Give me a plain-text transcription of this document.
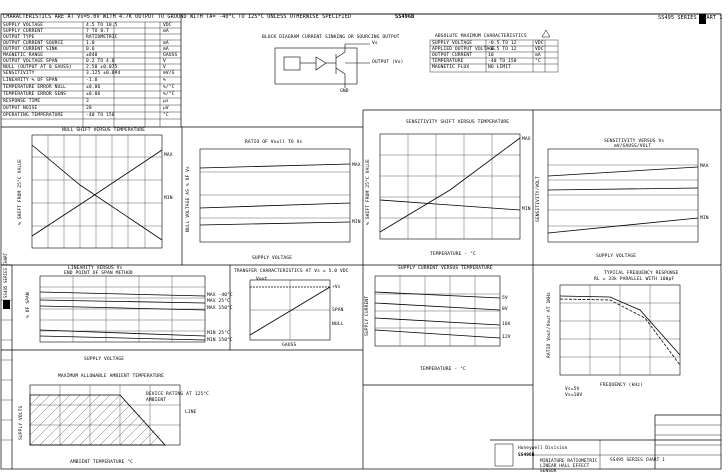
CHARACTERISTICS ARE AT Vs=5.0V WITH 4.7K OUTPUT TO GROUND WITH TA= -40°C TO 125°C UNLESS OTHERWISE SPECIFIED	SS496B	SS495 SERIES CHART 1
SUPPLY VOLTAGE	4.5 TO 10.5	VDC
SUPPLY CURRENT	7 TO 8.7	mA
OUTPUT TYPE	RATIOMETRIC
OUTPUT CURRENT SOURCE	1.0	mA
OUTPUT CURRENT SINK	0.6	mA
MAGNETIC RANGE	±840	GAUSS
OUTPUT VOLTAGE SPAN	0.2 TO 4.8	V
NULL (OUTPUT AT 0 GAUSS)	2.50 ±0.075	V
SENSITIVITY	3.125 ±0.094	mV/G
LINEARITY % OF SPAN	-1.0	%
TEMPERATURE ERROR NULL	±0.06	%/°C
TEMPERATURE ERROR SENS	±0.06	%/°C
RESPONSE TIME	3	µs
OUTPUT NOISE	28	µV
OPERATING TEMPERATURE	-40 TO 150	°C
BLOCK DIAGRAM CURRENT SINKING OR SOURCING OUTPUT
Vs
OUTPUT (Vo)
GND
ABSOLUTE MAXIMUM CHARACTERISTICS
SUPPLY VOLTAGE	-0.5 TO 12	VDC
APPLIED OUTPUT VOLTAGE
-0.5 TO 12	VDC
OUTPUT CURRENT	10	mA
TEMPERATURE	-40 TO 150	°C
MAGNETIC FLUX	NO LIMIT
NULL SHIFT VERSUS TEMPERATURE
% SHIFT FROM 25°C VALUE
MAX
MIN
RATIO OF Vnull TO Vs
NULL VOLTAGE AS % OF Vs
SUPPLY VOLTAGE
MAX
MIN
SENSITIVITY SHIFT VERSUS TEMPERATURE
% SHIFT FROM 25°C VALUE
TEMPERATURE - °C
MAX
MIN
SENSITIVITY VERSUS Vs
mV/GAUSS/VOLT
SENSITIVITY/VOLT
SUPPLY VOLTAGE
MAX
MIN
LINEARITY VERSUS Vs
END POINT OF SPAN METHOD
% OF SPAN
SUPPLY VOLTAGE
MAX -40°C
MAX 25°C
MAX 150°C
MIN 25°C
MIN 150°C
TRANSFER CHARACTERISTICS AT Vs = 5.0 VDC
Vout
GAUSS
+Vs
SPAN
NULL
SUPPLY CURRENT VERSUS TEMPERATURE
SUPPLY CURRENT
TEMPERATURE - °C
5V
8V
10V
12V
TYPICAL FREQUENCY RESPONSE
RL = 33k PARALLEL WITH 100pF
RATIO Vout/Vout AT 1KHz
FREQUENCY (kHz)
Vs=5V
Vs=10V
MAXIMUM ALLOWABLE AMBIENT TEMPERATURE
SUPPLY VOLTS
AMBIENT TEMPERATURE °C
DEVICE RATING AT 125°C
AMBIENT
LINE
Honeywell Division
SS496B
MINIATURE RATIOMETRIC LINEAR HALL EFFECT SENSOR
SS495 SERIES CHART 1
SS495 SERIES CHART
